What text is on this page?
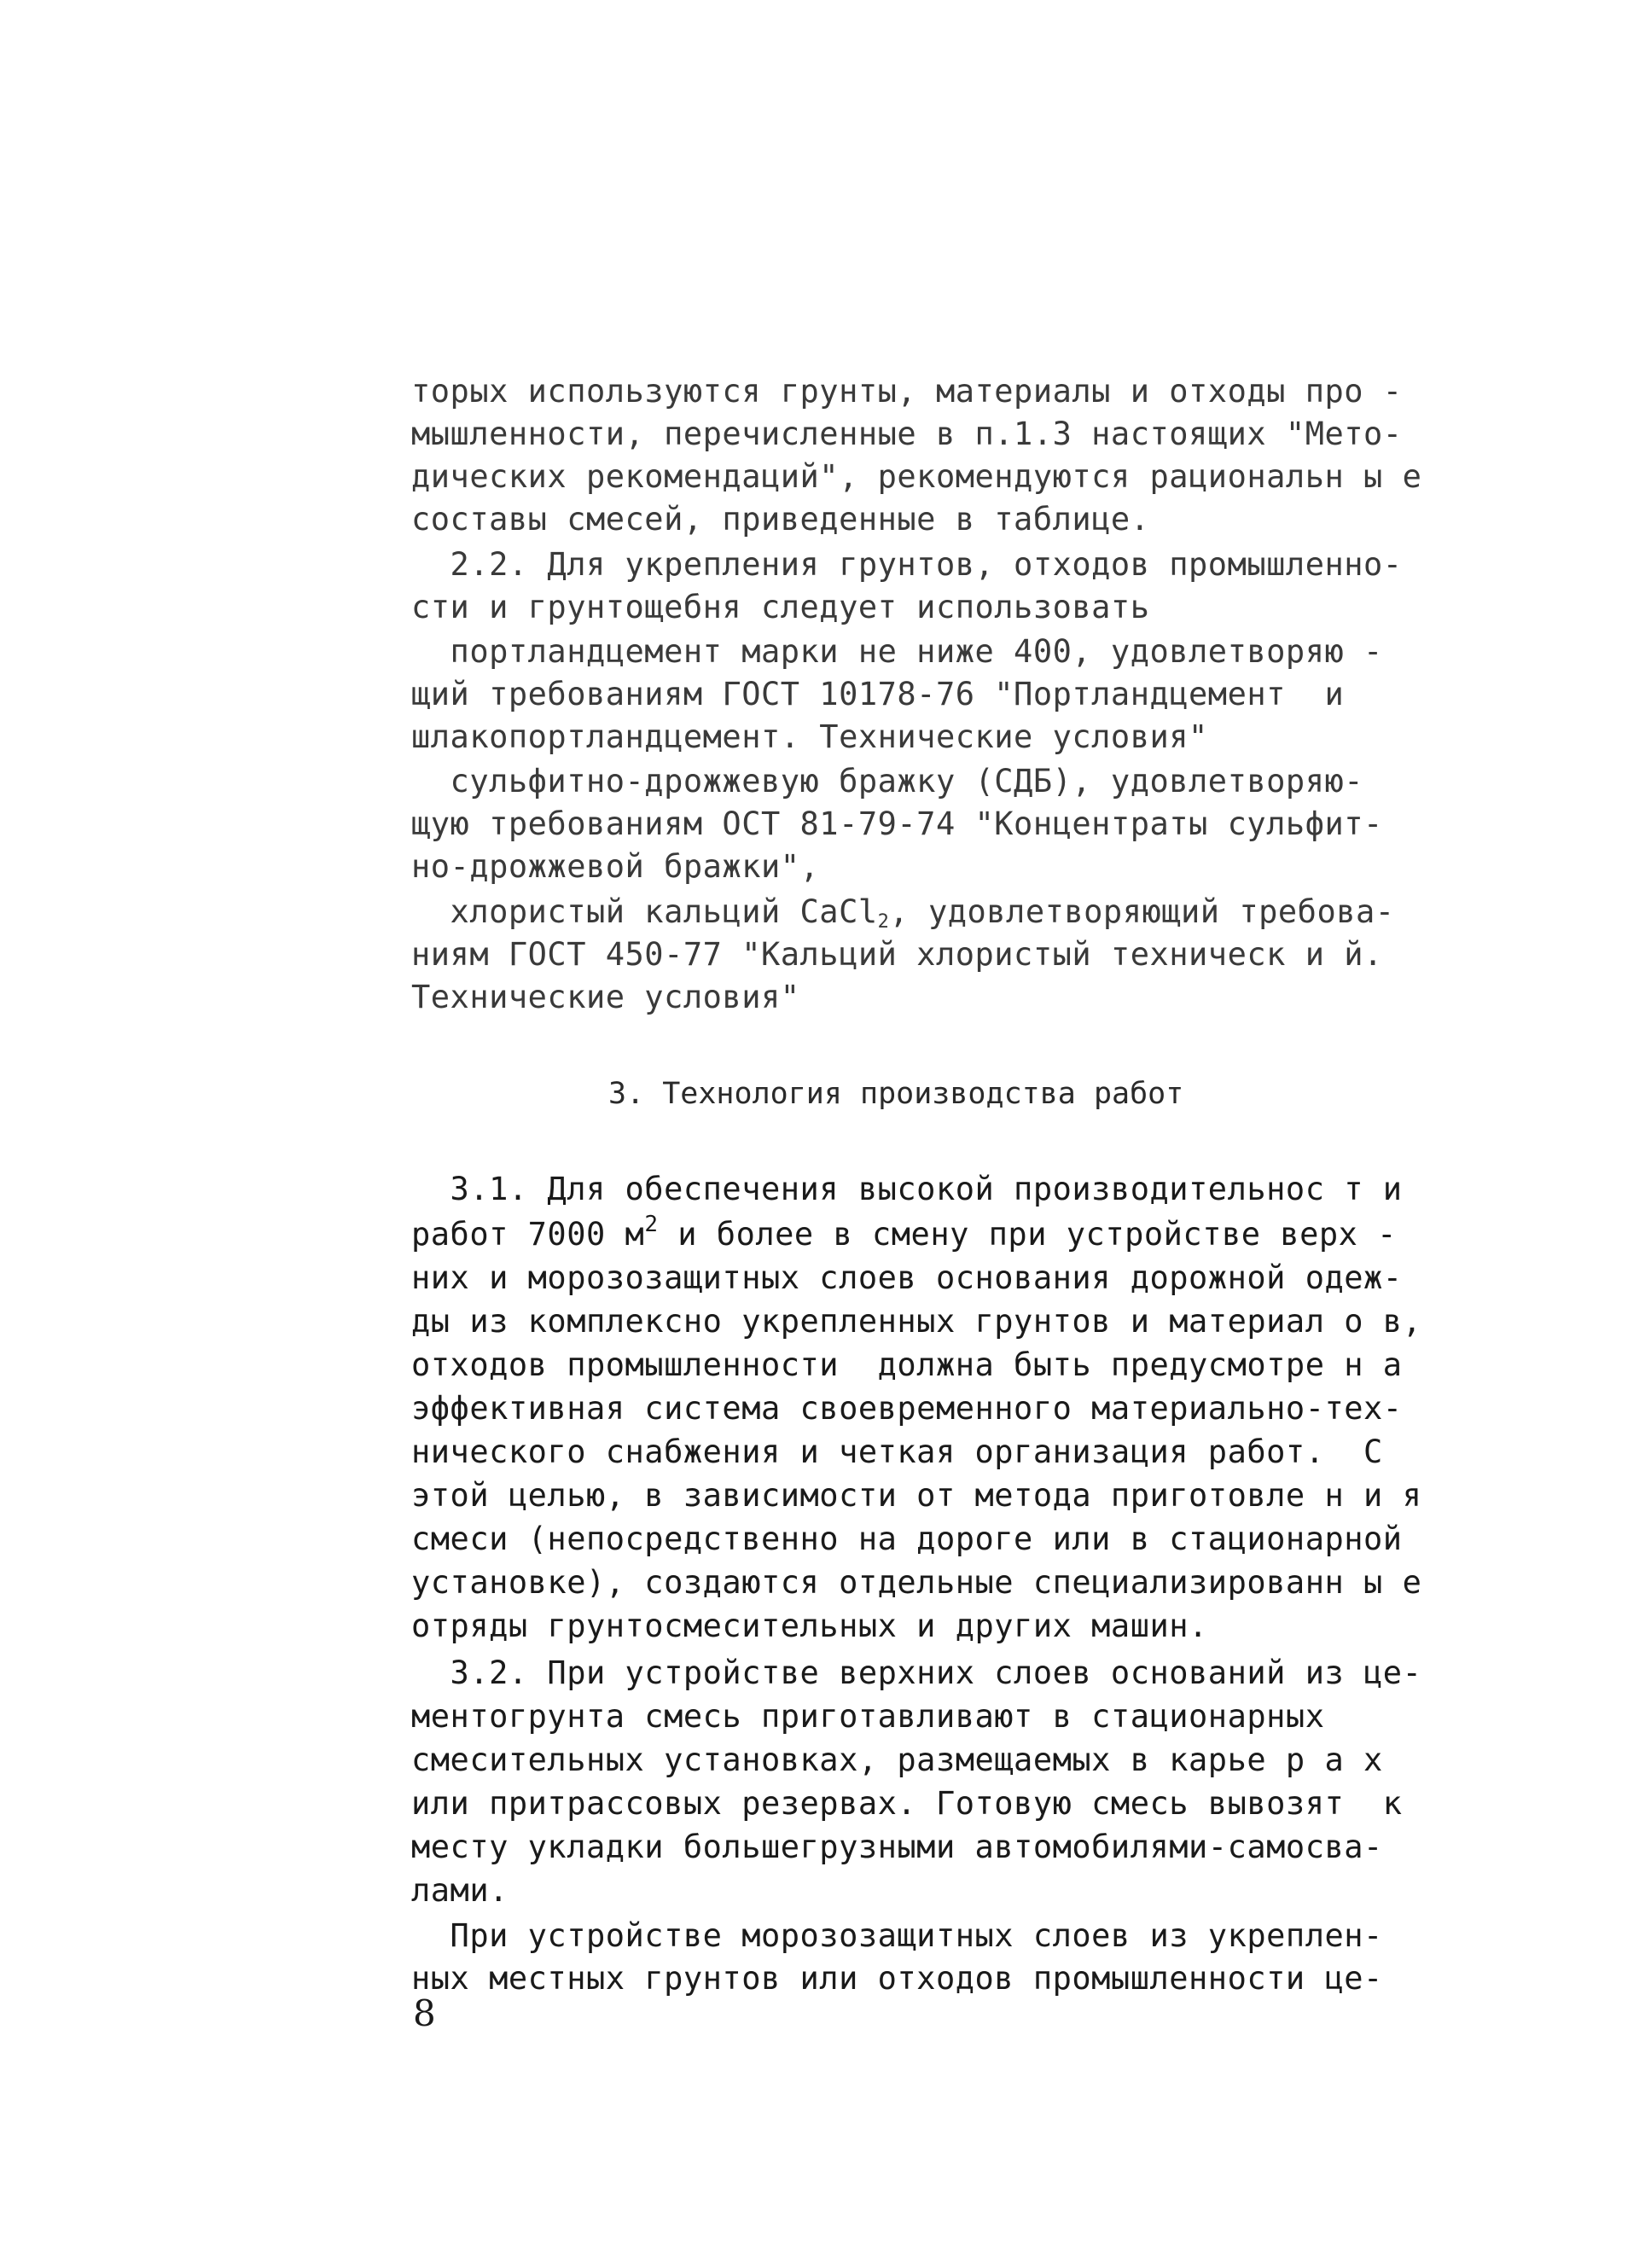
торых используются грунты, материалы и отходы про -
мышленности, перечисленные в п.1.3 настоящих "Мето-
дических рекомендаций", рекомендуются рациональн ы е
составы смесей, приведенные в таблице.
2.2. Для укрепления грунтов, отходов промышленно-
сти и грунтощебня следует использовать
портландцемент марки не ниже 400, удовлетворяю -
щий требованиям ГОСТ 10178-76 "Портландцемент  и
шлакопортландцемент. Технические условия"
сульфитно-дрожжевую бражку (СДБ), удовлетворяю-
щую требованиям ОСТ 81-79-74 "Концентраты сульфит-
но-дрожжевой бражки",
хлористый кальций CaCl$_2$, удовлетворяющий требова-
ниям ГОСТ 450-77 "Кальций хлористый техническ и й.
Технические условия"
3. Технология производства работ
3.1. Для обеспечения высокой производительнос т и
работ 7000 $м^2$ и более в смену при устройстве верх -
них и морозозащитных слоев основания дорожной одеж-
ды из комплексно укрепленных грунтов и материал о в,
отходов промышленности  должна быть предусмотре н а
эффективная система своевременного материально-тех-
нического снабжения и четкая организация работ.  С
этой целью, в зависимости от метода приготовле н и я
смеси (непосредственно на дороге или в стационарной
установке), создаются отдельные специализированн ы е
отряды грунтосмесительных и других машин.
3.2. При устройстве верхних слоев оснований из це-
ментогрунта смесь приготавливают в стационарных
смесительных установках, размещаемых в карье р а х
или притрассовых резервах. Готовую смесь вывозят  к
месту укладки большегрузными автомобилями-самосва-
лами.
При устройстве морозозащитных слоев из укреплен-
ных местных грунтов или отходов промышленности це-
8
